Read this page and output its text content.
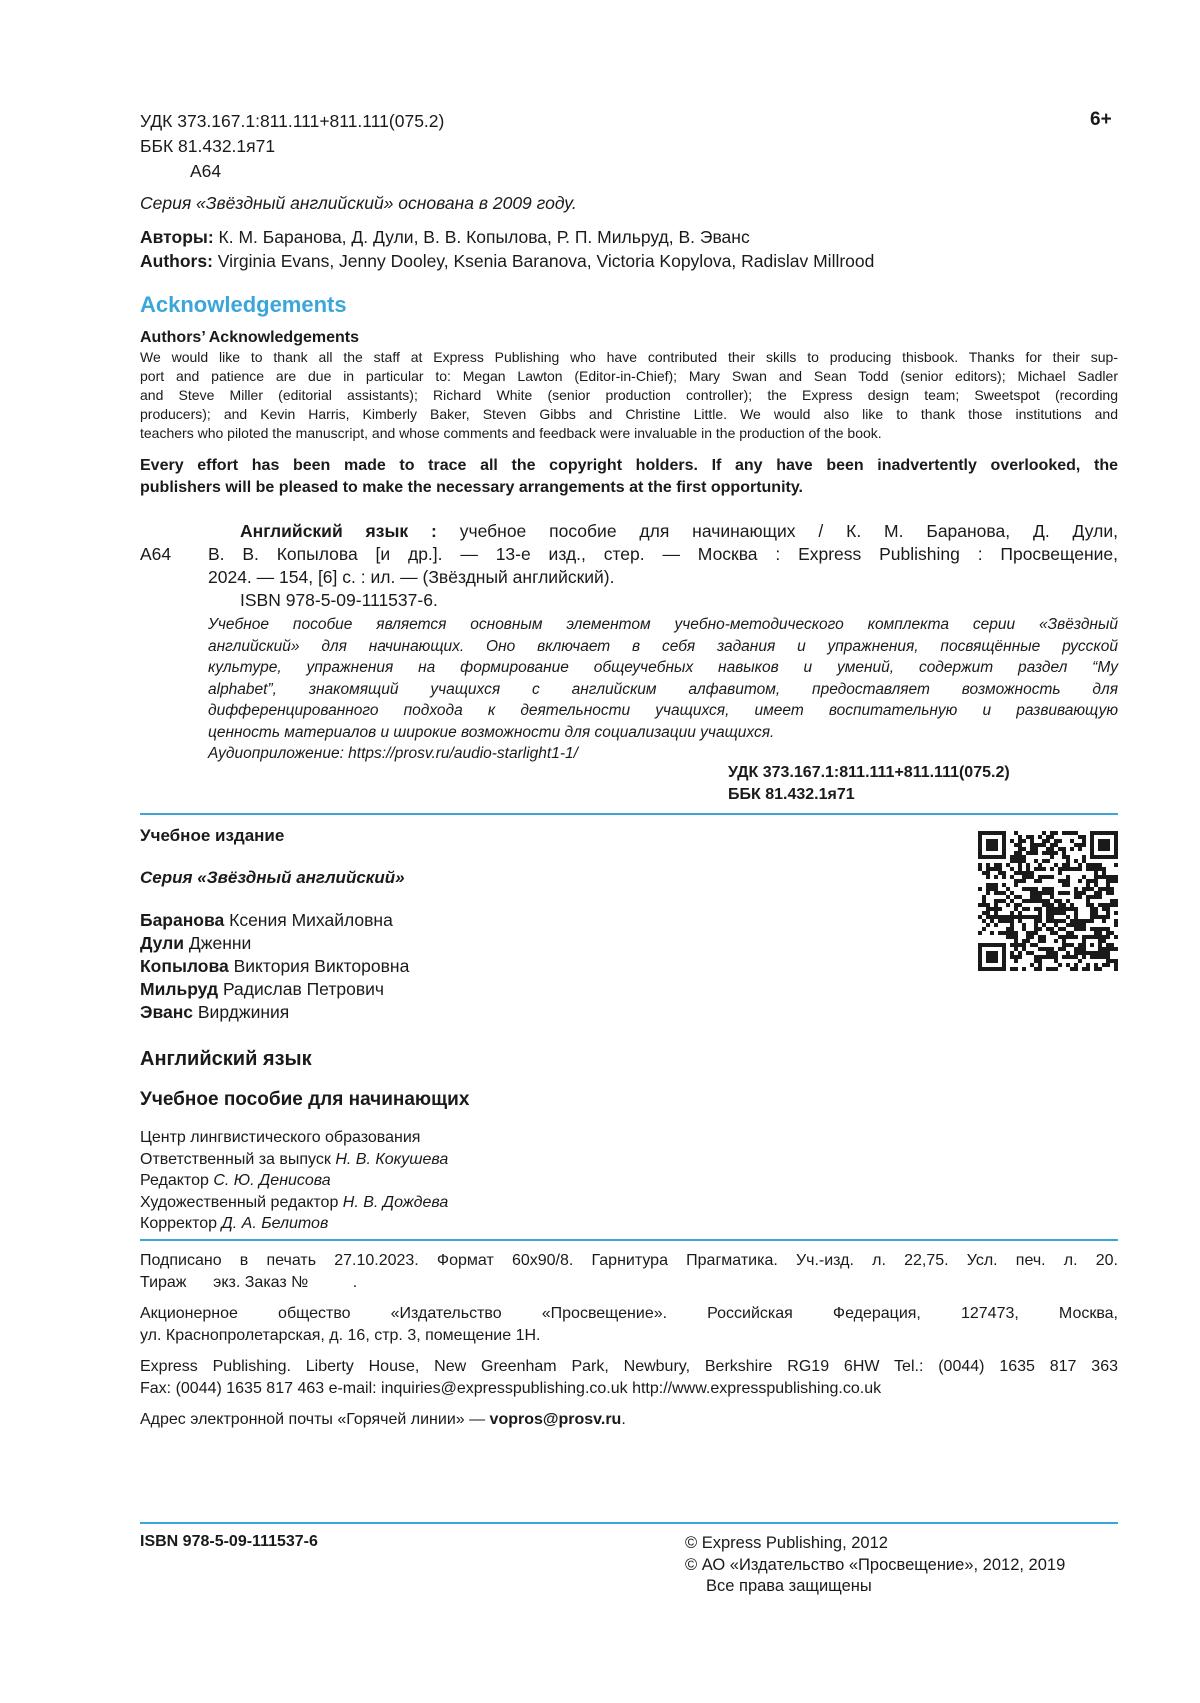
УДК 373.167.1:811.111+811.111(075.2)
ББК 81.432.1я71
А64
6+
Серия «Звёздный английский» основана в 2009 году.
Авторы: К. М. Баранова, Д. Дули, В. В. Копылова, Р. П. Мильруд, В. Эванс
Authors: Virginia Evans, Jenny Dooley, Ksenia Baranova, Victoria Kopylova, Radislav Millrood
Acknowledgements
Authors’ Acknowledgements
We would like to thank all the staff at Express Publishing who have contributed their skills to producing thisbook. Thanks for their sup-
port and patience are due in particular to: Megan Lawton (Editor-in-Chief); Mary Swan and Sean Todd (senior editors); Michael Sadler
and Steve Miller (editorial assistants); Richard White (senior production controller); the Express design team; Sweetspot (recording
producers); and Kevin Harris, Kimberly Baker, Steven Gibbs and Christine Little. We would also like to thank those institutions and
teachers who piloted the manuscript, and whose comments and feedback were invaluable in the production of the book.
Every effort has been made to trace all the copyright holders. If any have been inadvertently overlooked, the
publishers will be pleased to make the necessary arrangements at the first opportunity.
А64
Английский язык : учебное пособие для начинающих / К. М. Баранова, Д. Дули,
В. В. Копылова [и др.]. — 13-е изд., стер. — Москва : Express Publishing : Просвещение,
2024. — 154, [6] с. : ил. — (Звёздный английский).
ISBN 978-5-09-111537-6.
Учебное пособие является основным элементом учебно-методического комплекта серии «Звёздный
английский» для начинающих. Оно включает в себя задания и упражнения, посвящённые русской
культуре, упражнения на формирование общеучебных навыков и умений, содержит раздел “My
alphabet”, знакомящий учащихся с английским алфавитом, предоставляет возможность для
дифференцированного подхода к деятельности учащихся, имеет воспитательную и развивающую
ценность материалов и широкие возможности для социализации учащихся.
Аудиоприложение: https://prosv.ru/audio-starlight1-1/
УДК 373.167.1:811.111+811.111(075.2)
ББК 81.432.1я71
Учебное издание
Серия «Звёздный английский»
Баранова Ксения Михайловна
Дули Дженни
Копылова Виктория Викторовна
Мильруд Радислав Петрович
Эванс Вирджиния
Английский язык
Учебное пособие для начинающих
Центр лингвистического образования
Ответственный за выпуск Н. В. Кокушева
Редактор С. Ю. Денисова
Художественный редактор Н. В. Дождева
Корректор Д. А. Белитов
Подписано в печать 27.10.2023. Формат 60x90/8. Гарнитура Прагматика. Уч.-изд. л. 22,75. Усл. печ. л. 20.
Тираж      экз. Заказ №          .
Акционерное общество «Издательство «Просвещение». Российская Федерация, 127473, Москва,
ул. Краснопролетарская, д. 16, стр. 3, помещение 1Н.
Express Publishing. Liberty House, New Greenham Park, Newbury, Berkshire RG19 6HW Tel.: (0044) 1635 817 363
Fax: (0044) 1635 817 463 e-mail: inquiries@expresspublishing.co.uk http://www.expresspublishing.co.uk
Адрес электронной почты «Горячей линии» — vopros@prosv.ru.
ISBN 978-5-09-111537-6	© Express Publishing, 2012
© АО «Издательство «Просвещение», 2012, 2019
Все права защищены
